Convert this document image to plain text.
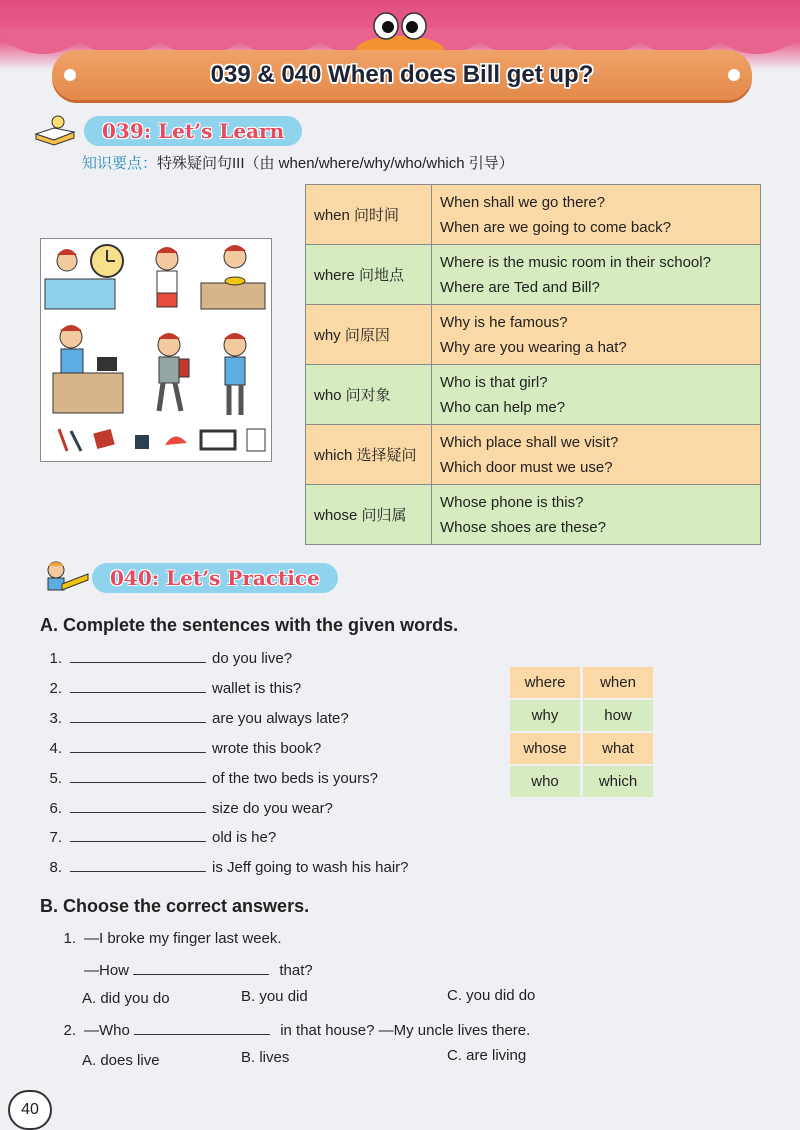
039 & 040 When does Bill get up?
039: Let’s Learn
知识要点：特殊疑问句III（由 when/where/why/who/which 引导）
when 问时间	When shall we go there?
When are we going to come back?

where 问地点	Where is the music room in their school?
Where are Ted and Bill?

why 问原因	Why is he famous?
Why are you wearing a hat?

who 问对象	Who is that girl?
Who can help me?

which 选择疑问	Which place shall we visit?
Which door must we use?

whose 问归属	Whose phone is this?
Whose shoes are these?
040: Let’s Practice
A. Complete the sentences with the given words.
1.	do you live?
2.	wallet is this?
3.	are you always late?
4.	wrote this book?
5.	of the two beds is yours?
6.	size do you wear?
7.	old is he?
8.	is Jeff going to wash his hair?
where	when
why	how
whose	what
who	which
B. Choose the correct answers.
1. —I broke my finger last week.
—How	that?
A. did you do	B. you did	C. you did do
2. —Who	in that house? —My uncle lives there.
A. does live	B. lives	C. are living
40
